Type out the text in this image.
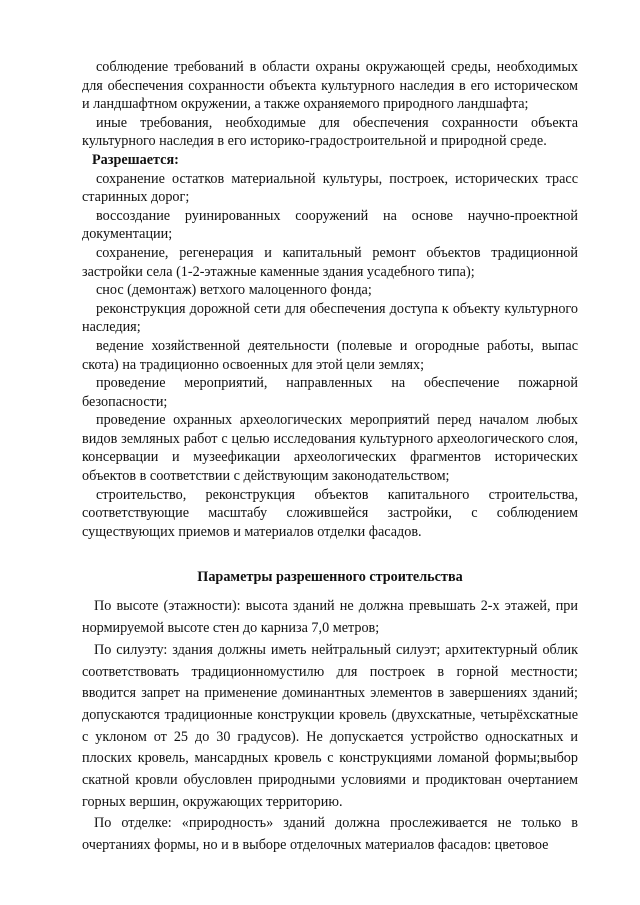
соблюдение требований в области охраны окружающей среды, необходимых для обеспечения сохранности объекта культурного наследия в его историческом и ландшафтном окружении, а также охраняемого природного ландшафта;

иные требования, необходимые для обеспечения сохранности объекта культурного наследия в его историко-градостроительной и природной среде.

Разрешается:

сохранение остатков материальной культуры, построек, исторических трасс старинных дорог;

воссоздание руинированных сооружений на основе научно-проектной документации;

сохранение, регенерация и капитальный ремонт объектов традиционной застройки села (1-2-этажные каменные здания усадебного типа);

снос (демонтаж) ветхого малоценного фонда;

реконструкция дорожной сети для обеспечения доступа к объекту культурного наследия;

ведение хозяйственной деятельности (полевые и огородные работы, выпас скота) на традиционно освоенных для этой цели землях;

проведение мероприятий, направленных на обеспечение пожарной безопасности;

проведение охранных археологических мероприятий перед началом любых видов земляных работ с целью исследования культурного археологического слоя, консервации и музеефикации археологических фрагментов исторических объектов в соответствии с действующим законодательством;

строительство, реконструкция объектов капитального строительства, соответствующие масштабу сложившейся застройки, с соблюдением существующих приемов и материалов отделки фасадов.

Параметры разрешенного строительства

По высоте (этажности): высота зданий не должна превышать 2-х этажей, при нормируемой высоте стен до карниза 7,0 метров;

По силуэту: здания должны иметь нейтральный силуэт; архитектурный облик соответствовать традиционномустилю для построек в горной местности; вводится запрет на применение доминантных элементов в завершениях зданий; допускаются традиционные конструкции кровель (двухскатные, четырёхскатные с уклоном от 25 до 30 градусов). Не допускается устройство односкатных и плоских кровель, мансардных кровель с конструкциями ломаной формы;выбор скатной кровли обусловлен природными условиями и продиктован очертанием горных вершин, окружающих территорию.

По отделке: «природность» зданий должна прослеживается не только в очертаниях формы, но и в выборе отделочных материалов фасадов: цветовое
